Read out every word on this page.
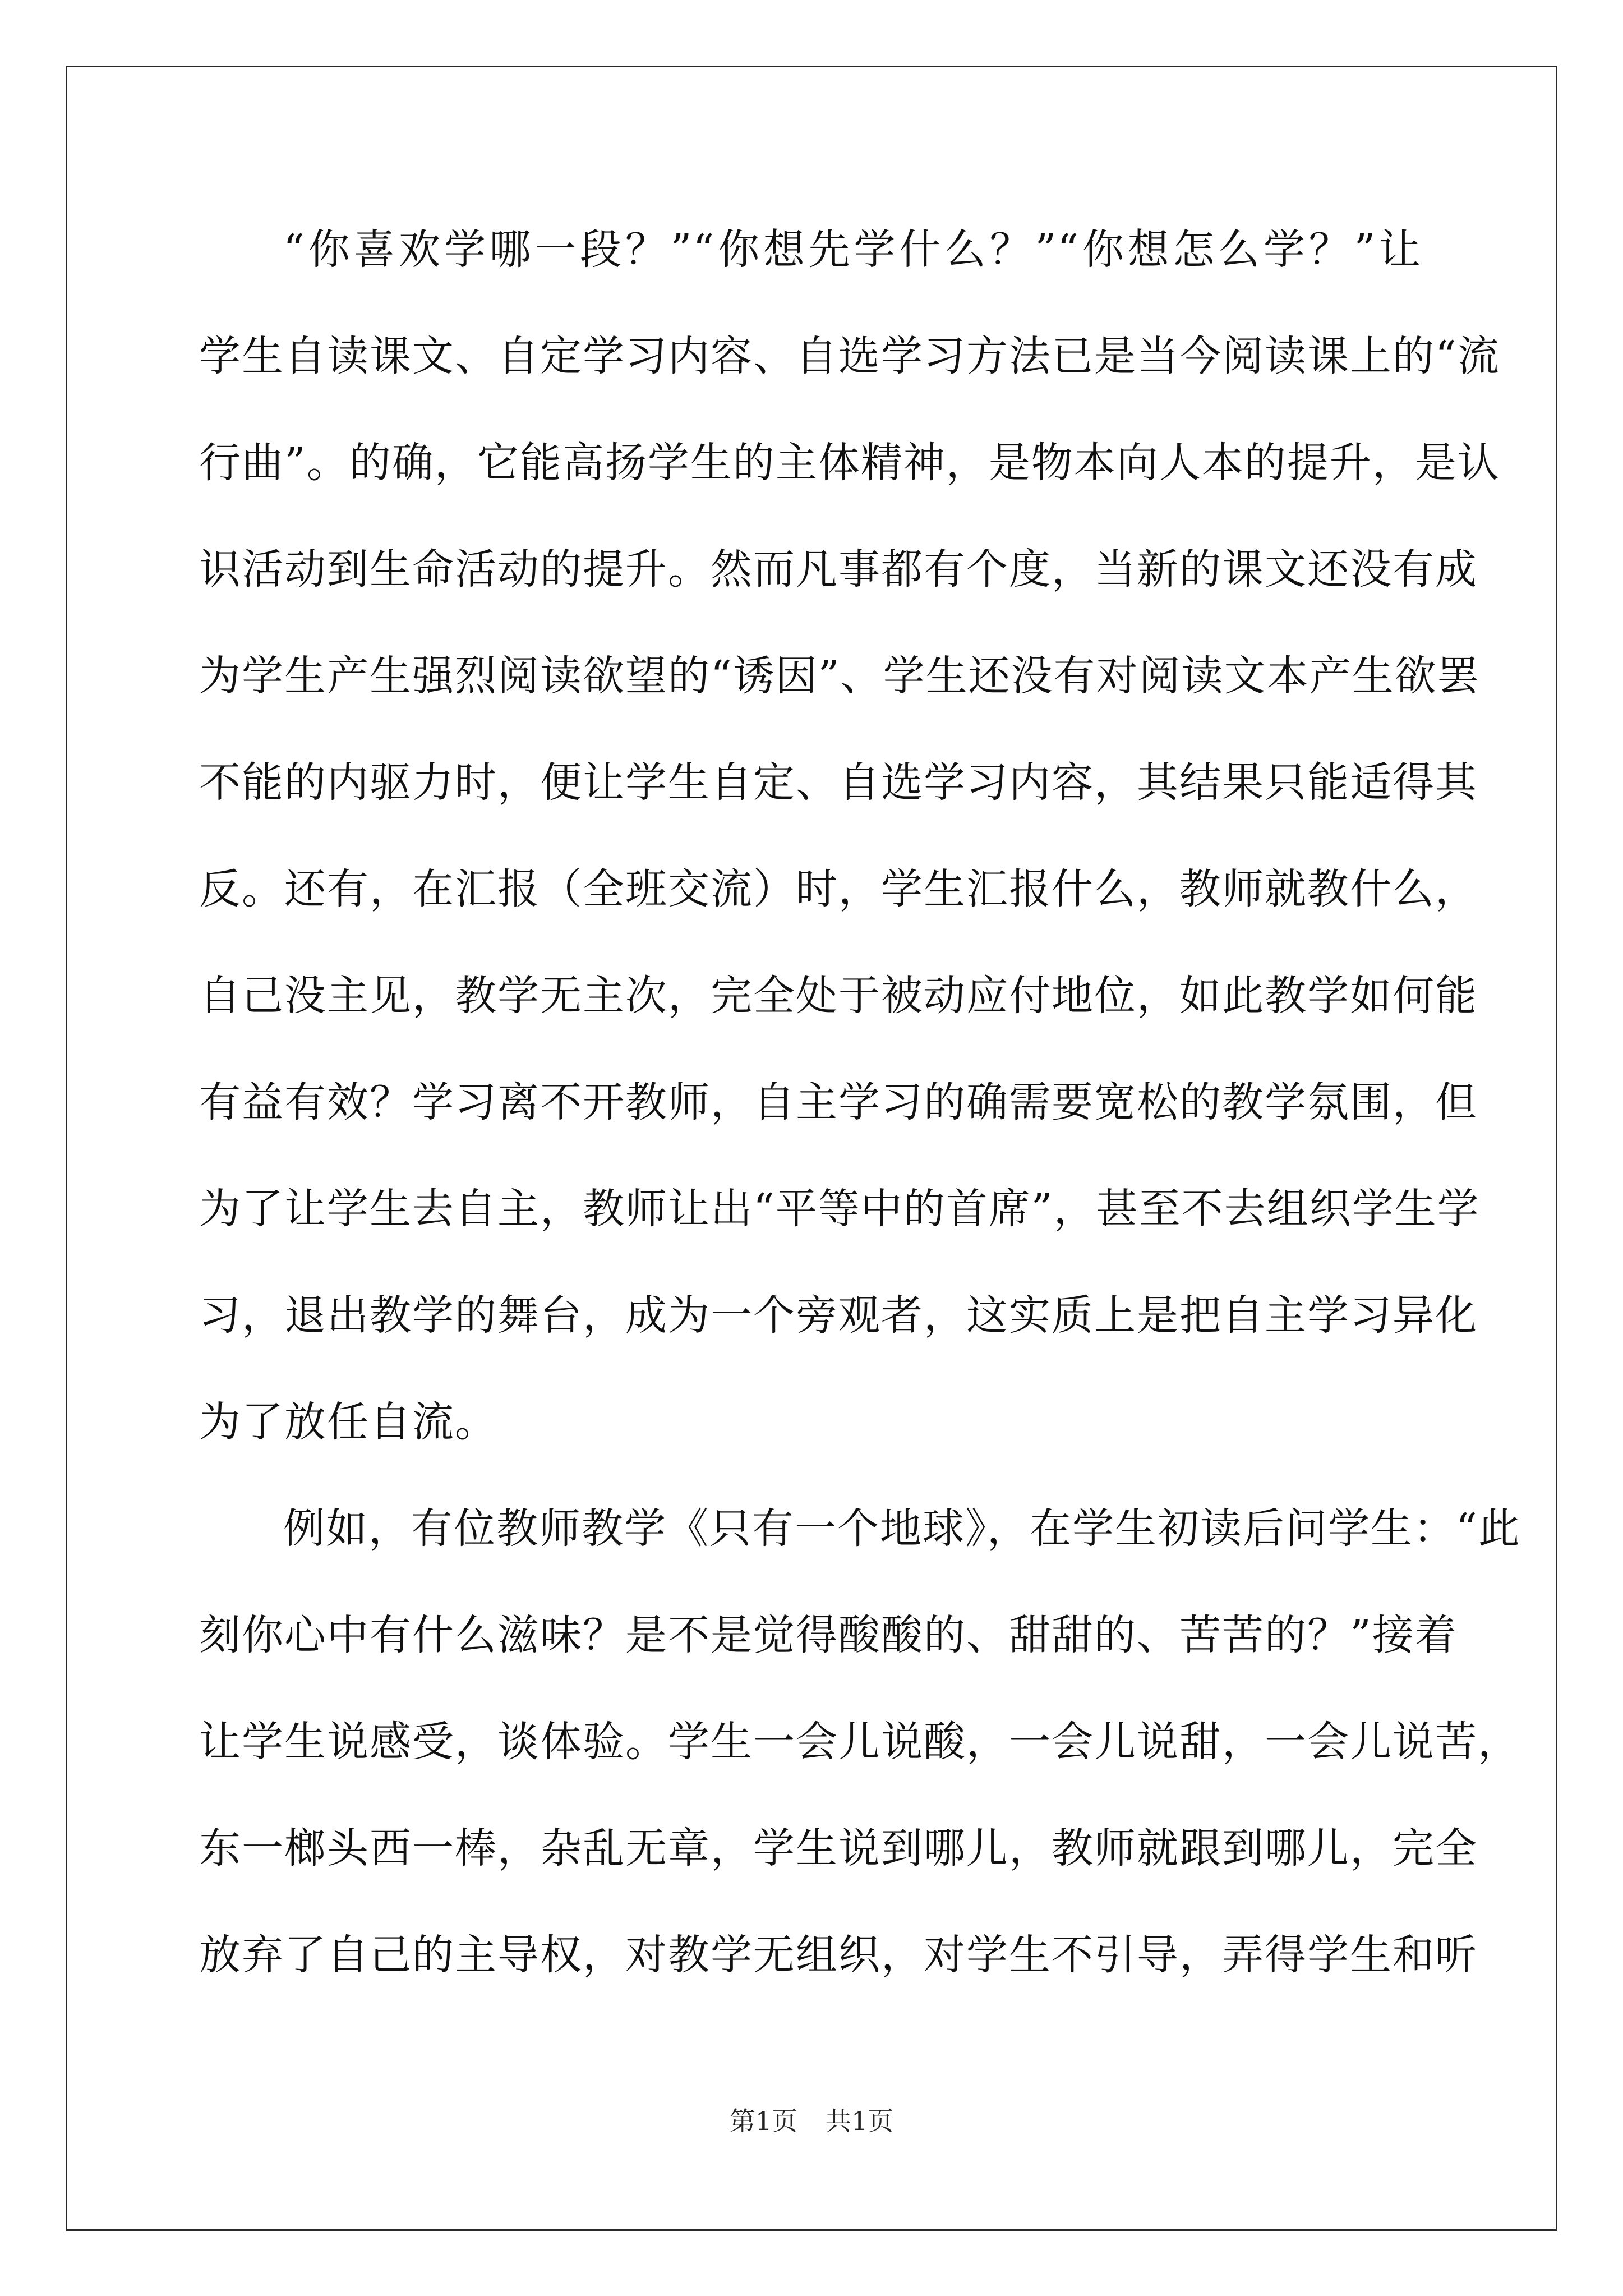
“你喜欢学哪一段？”“你想先学什么？”“你想怎么学？”让
学生自读课文、自定学习内容、自选学习方法已是当今阅读课上的“流
行曲”。的确，它能高扬学生的主体精神，是物本向人本的提升，是认
识活动到生命活动的提升。然而凡事都有个度，当新的课文还没有成
为学生产生强烈阅读欲望的“诱因”、学生还没有对阅读文本产生欲罢
不能的内驱力时，便让学生自定、自选学习内容，其结果只能适得其
反。还有，在汇报（全班交流）时，学生汇报什么，教师就教什么，
自己没主见，教学无主次，完全处于被动应付地位，如此教学如何能
有益有效？学习离不开教师，自主学习的确需要宽松的教学氛围，但
为了让学生去自主，教师让出“平等中的首席”，甚至不去组织学生学
习，退出教学的舞台，成为一个旁观者，这实质上是把自主学习异化
为了放任自流。
例如，有位教师教学《只有一个地球》，在学生初读后问学生：“此
刻你心中有什么滋味？是不是觉得酸酸的、甜甜的、苦苦的？”接着
让学生说感受，谈体验。学生一会儿说酸，一会儿说甜，一会儿说苦，
东一榔头西一棒，杂乱无章，学生说到哪儿，教师就跟到哪儿，完全
放弃了自己的主导权，对教学无组织，对学生不引导，弄得学生和听
第1页 共1页
